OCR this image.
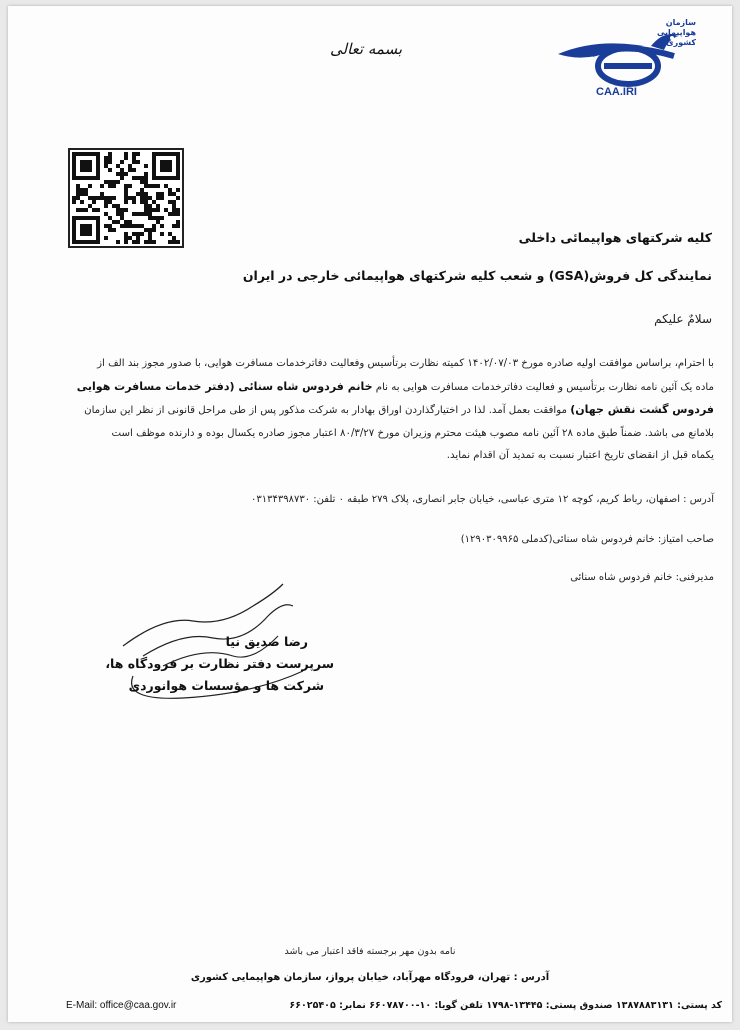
سازمان هواپیمایی کشوری
CAA.IRI
بسمه تعالی
کلیه شرکتهای هواپیمائی داخلی
نمایندگی کل فروش(GSA) و شعب کلیه شرکتهای هواپیمائی خارجی در ایران
سلامٌ علیکم
با احترام، براساس موافقت اولیه صادره مورخ ۱۴۰۲/۰۷/۰۳ کمیته نظارت برتأسیس وفعالیت دفاترخدمات مسافرت هوایی، با صدور مجوز بند الف از
ماده یک آئین نامه نظارت برتأسیس و فعالیت دفاترخدمات مسافرت هوایی به نام خانم فردوس شاه سنائی (دفتر خدمات مسافرت هوایی
فردوس گشت نقش جهان) موافقت بعمل آمد. لذا در اختیارگذاردن اوراق بهادار به شرکت مذکور پس از طی مراحل قانونی از نظر این سازمان
بلامانع می باشد. ضمناً طبق ماده ۲۸ آئین نامه مصوب هیئت محترم وزیران مورخ ۸۰/۳/۲۷ اعتبار مجوز صادره یکسال بوده و دارنده موظف است
یکماه قبل از انقضای تاریخ اعتبار نسبت به تمدید آن اقدام نماید.
آدرس : اصفهان، رباط کریم، کوچه ۱۲ متری عباسی، خیابان جابر انصاری، پلاک ۲۷۹ طبقه ۰ تلفن: ۰۳۱۳۴۳۹۸۷۳۰
صاحب امتیاز: خانم فردوس شاه سنائی(کدملی ۱۲۹۰۳۰۹۹۶۵)
مدیرفنی: خانم فردوس شاه سنائی
رضا صدیق نیا
سرپرست دفتر نظارت بر فرودگاه ها،
شرکت ها و مؤسسات هوانوردی
نامه بدون مهر برجسته فاقد اعتبار می باشد
آدرس : تهران، فرودگاه مهرآباد، خیابان پرواز، سازمان هواپیمایی کشوری
کد پستی: ۱۳۸۷۸۸۳۱۳۱ صندوق پستی: ۱۳۴۴۵-۱۷۹۸ تلفن گویا: ۱۰-۶۶۰۷۸۷۰۰ نمابر: ۶۶۰۲۵۴۰۵
E-Mail: office@caa.gov.ir
